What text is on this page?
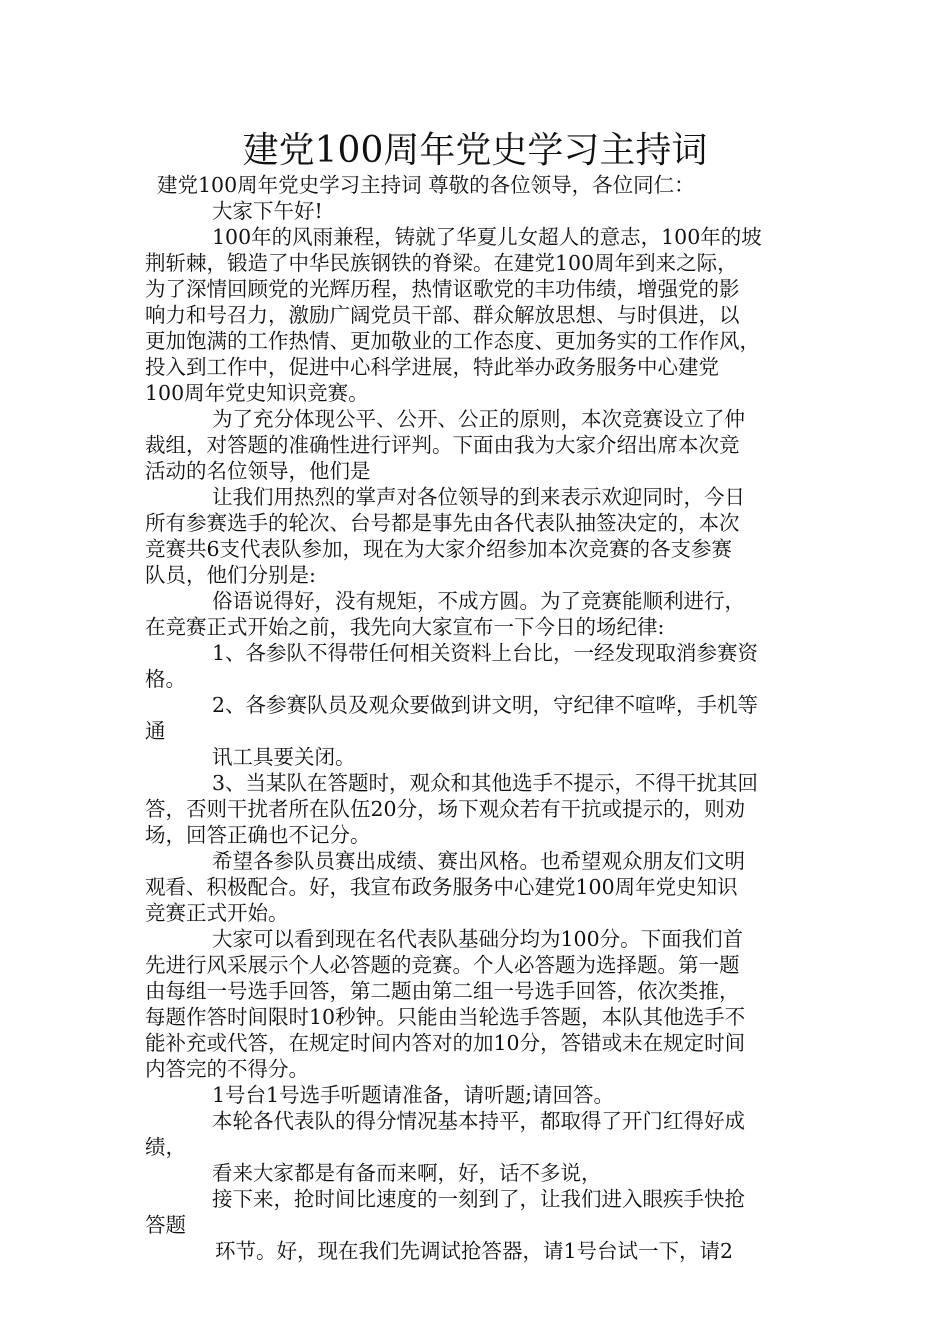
建党100周年党史学习主持词
建党100周年党史学习主持词 尊敬的各位领导，各位同仁：
大家下午好!
100年的风雨兼程，铸就了华夏儿女超人的意志，100年的坡
荆斩棘，锻造了中华民族钢铁的脊梁。在建党100周年到来之际，
为了深情回顾党的光辉历程，热情讴歌党的丰功伟绩，增强党的影
响力和号召力，激励广阔党员干部、群众解放思想、与时俱进，以
更加饱满的工作热情、更加敬业的工作态度、更加务实的工作作风，
投入到工作中，促进中心科学进展，特此举办政务服务中心建党
100周年党史知识竞赛。
为了充分体现公平、公开、公正的原则，本次竞赛设立了仲
裁组，对答题的准确性进行评判。下面由我为大家介绍出席本次竞
活动的名位领导，他们是
让我们用热烈的掌声对各位领导的到来表示欢迎同时，今日
所有参赛选手的轮次、台号都是事先由各代表队抽签决定的，本次
竞赛共6支代表队参加，现在为大家介绍参加本次竞赛的各支参赛
队员，他们分别是:
俗语说得好，没有规矩，不成方圆。为了竞赛能顺利进行，
在竞赛正式开始之前，我先向大家宣布一下今日的场纪律:
1、各参队不得带任何相关资料上台比，一经发现取消参赛资
格。
2、各参赛队员及观众要做到讲文明，守纪律不喧哗，手机等
通
讯工具要关闭。
3、当某队在答题时，观众和其他选手不提示，不得干扰其回
答，否则干扰者所在队伍20分，场下观众若有干抗或提示的，则劝
场，回答正确也不记分。
希望各参队员赛出成绩、赛出风格。也希望观众朋友们文明
观看、积极配合。好，我宣布政务服务中心建党100周年党史知识
竞赛正式开始。
大家可以看到现在名代表队基础分均为100分。下面我们首
先进行风采展示个人必答题的竞赛。个人必答题为选择题。第一题
由每组一号选手回答，第二题由第二组一号选手回答，依次类推，
每题作答时间限时10秒钟。只能由当轮选手答题，本队其他选手不
能补充或代答，在规定时间内答对的加10分，答错或未在规定时间
内答完的不得分。
1号台1号选手听题请准备，请听题;请回答。
本轮各代表队的得分情况基本持平，都取得了开门红得好成
绩，
看来大家都是有备而来啊，好，话不多说，
接下来，抢时间比速度的一刻到了，让我们进入眼疾手快抢
答题
环节。好，现在我们先调试抢答器，请1号台试一下，请2
